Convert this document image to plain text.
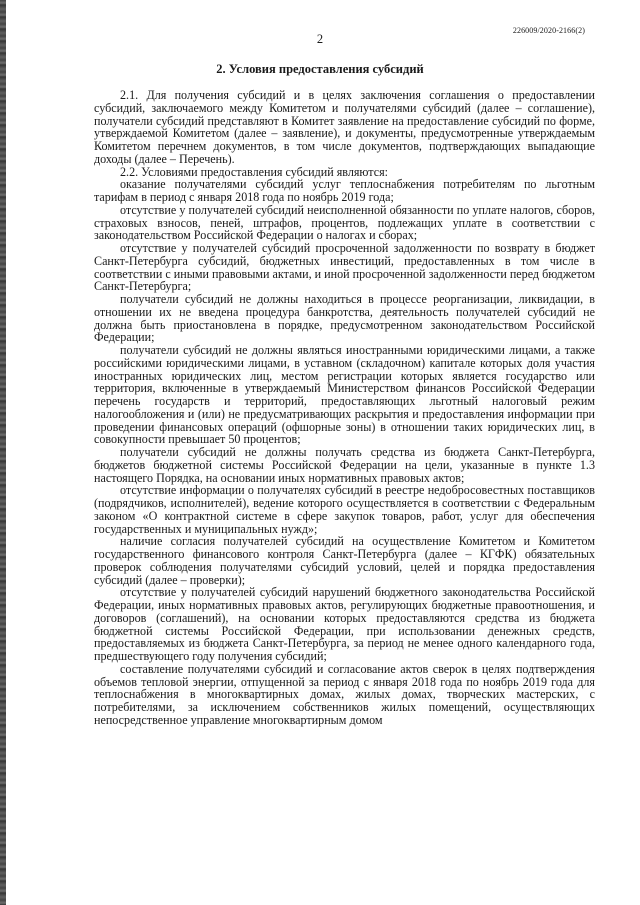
2
226009/2020-2166(2)
2. Условия предоставления субсидий

2.1. Для получения субсидий и в целях заключения соглашения о предоставлении субсидий, заключаемого между Комитетом и получателями субсидий (далее – соглашение), получатели субсидий представляют в Комитет заявление на предоставление субсидий по форме, утверждаемой Комитетом (далее – заявление), и документы, предусмотренные утверждаемым Комитетом перечнем документов, в том числе документов, подтверждающих выпадающие доходы (далее – Перечень).

2.2. Условиями предоставления субсидий являются:

оказание получателями субсидий услуг теплоснабжения потребителям по льготным тарифам в период с января 2018 года по ноябрь 2019 года;

отсутствие у получателей субсидий неисполненной обязанности по уплате налогов, сборов, страховых взносов, пеней, штрафов, процентов, подлежащих уплате в соответствии с законодательством Российской Федерации о налогах и сборах;

отсутствие у получателей субсидий просроченной задолженности по возврату в бюджет Санкт-Петербурга субсидий, бюджетных инвестиций, предоставленных в том числе в соответствии с иными правовыми актами, и иной просроченной задолженности перед бюджетом Санкт-Петербурга;

получатели субсидий не должны находиться в процессе реорганизации, ликвидации, в отношении их не введена процедура банкротства, деятельность получателей субсидий не должна быть приостановлена в порядке, предусмотренном законодательством Российской Федерации;

получатели субсидий не должны являться иностранными юридическими лицами, а также российскими юридическими лицами, в уставном (складочном) капитале которых доля участия иностранных юридических лиц, местом регистрации которых является государство или территория, включенные в утверждаемый Министерством финансов Российской Федерации перечень государств и территорий, предоставляющих льготный налоговый режим налогообложения и (или) не предусматривающих раскрытия и предоставления информации при проведении финансовых операций (офшорные зоны) в отношении таких юридических лиц, в совокупности превышает 50 процентов;

получатели субсидий не должны получать средства из бюджета Санкт-Петербурга, бюджетов бюджетной системы Российской Федерации на цели, указанные в пункте 1.3 настоящего Порядка, на основании иных нормативных правовых актов;

отсутствие информации о получателях субсидий в реестре недобросовестных поставщиков (подрядчиков, исполнителей), ведение которого осуществляется в соответствии с Федеральным законом «О контрактной системе в сфере закупок товаров, работ, услуг для обеспечения государственных и муниципальных нужд»;

наличие согласия получателей субсидий на осуществление Комитетом и Комитетом государственного финансового контроля Санкт-Петербурга (далее – КГФК) обязательных проверок соблюдения получателями субсидий условий, целей и порядка предоставления субсидий (далее – проверки);

отсутствие у получателей субсидий нарушений бюджетного законодательства Российской Федерации, иных нормативных правовых актов, регулирующих бюджетные правоотношения, и договоров (соглашений), на основании которых предоставляются средства из бюджета бюджетной системы Российской Федерации, при использовании денежных средств, предоставляемых из бюджета Санкт-Петербурга, за период не менее одного календарного года, предшествующего году получения субсидий;

составление получателями субсидий и согласование актов сверок в целях подтверждения объемов тепловой энергии, отпущенной за период с января 2018 года по ноябрь 2019 года для теплоснабжения в многоквартирных домах, жилых домах, творческих мастерских, с потребителями, за исключением собственников жилых помещений, осуществляющих непосредственное управление многоквартирным домом
